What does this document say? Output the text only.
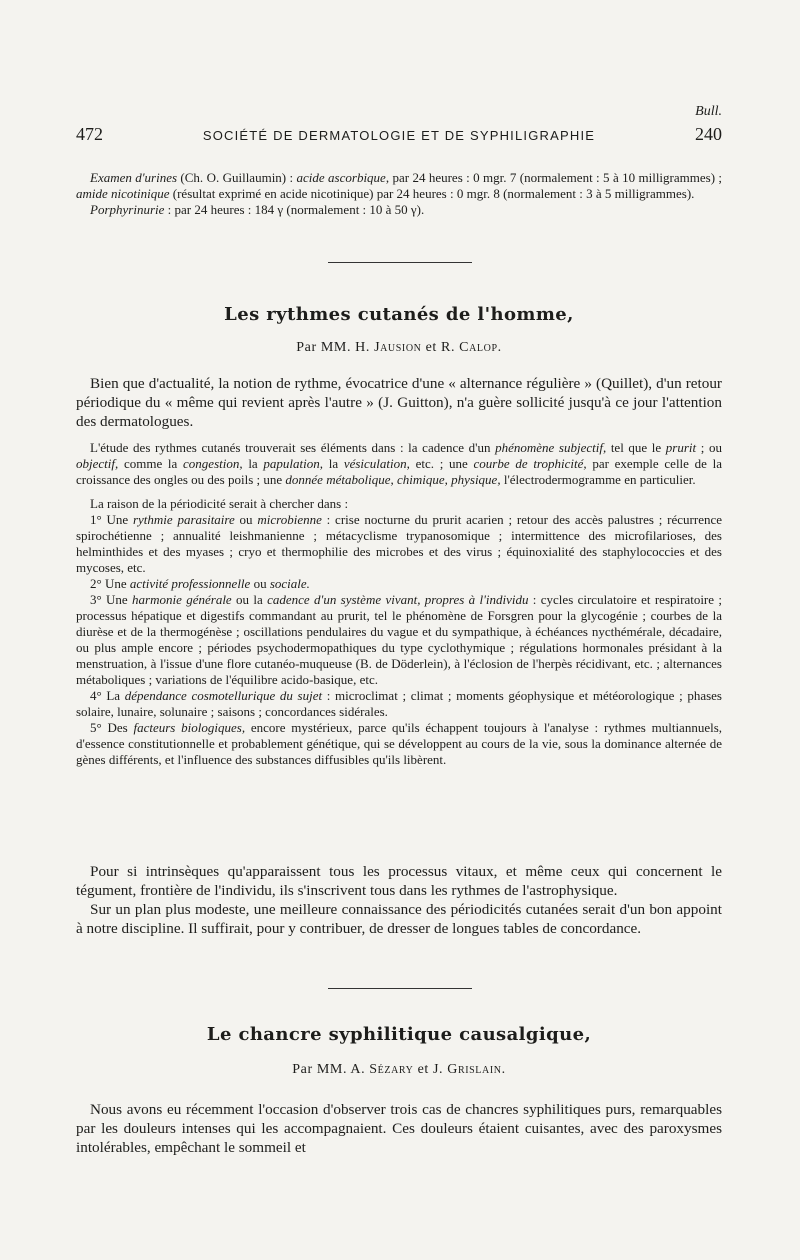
Bull.
472	SOCIÉTÉ DE DERMATOLOGIE ET DE SYPHILIGRAPHIE	240

Examen d'urines (Ch. O. Guillaumin) : acide ascorbique, par 24 heures : 0 mgr. 7 (normalement : 5 à 10 milligrammes) ; amide nicotinique (résultat exprimé en acide nicotinique) par 24 heures : 0 mgr. 8 (normalement : 3 à 5 milligrammes).

Porphyrinurie : par 24 heures : 184 γ (normalement : 10 à 50 γ).

Les rythmes cutanés de l'homme,
Par MM. H. Jausion et R. Calop.

Bien que d'actualité, la notion de rythme, évocatrice d'une « alternance régulière » (Quillet), d'un retour périodique du « même qui revient après l'autre » (J. Guitton), n'a guère sollicité jusqu'à ce jour l'attention des dermatologues.

L'étude des rythmes cutanés trouverait ses éléments dans : la cadence d'un phénomène subjectif, tel que le prurit ; ou objectif, comme la congestion, la papulation, la vésiculation, etc. ; une courbe de trophicité, par exemple celle de la croissance des ongles ou des poils ; une donnée métabolique, chimique, physique, l'électrodermogramme en particulier.

La raison de la périodicité serait à chercher dans :

1° Une rythmie parasitaire ou microbienne : crise nocturne du prurit acarien ; retour des accès palustres ; récurrence spirochétienne ; annualité leishmanienne ; métacyclisme trypanosomique ; intermittence des microfilarioses, des helminthides et des myases ; cryo et thermophilie des microbes et des virus ; équinoxialité des staphylococcies et des mycoses, etc.

2° Une activité professionnelle ou sociale.

3° Une harmonie générale ou la cadence d'un système vivant, propres à l'individu : cycles circulatoire et respiratoire ; processus hépatique et digestifs commandant au prurit, tel le phénomène de Forsgren pour la glycogénie ; courbes de la diurèse et de la thermogénèse ; oscillations pendulaires du vague et du sympathique, à échéances nycthémérale, décadaire, ou plus ample encore ; périodes psychodermopathiques du type cyclothymique ; régulations hormonales présidant à la menstruation, à l'issue d'une flore cutanéo-muqueuse (B. de Döderlein), à l'éclosion de l'herpès récidivant, etc. ; alternances métaboliques ; variations de l'équilibre acido-basique, etc.

4° La dépendance cosmotellurique du sujet : microclimat ; climat ; moments géophysique et météorologique ; phases solaire, lunaire, solunaire ; saisons ; concordances sidérales.

5° Des facteurs biologiques, encore mystérieux, parce qu'ils échappent toujours à l'analyse : rythmes multiannuels, d'essence constitutionnelle et probablement génétique, qui se développent au cours de la vie, sous la dominance alternée de gènes différents, et l'influence des substances diffusibles qu'ils libèrent.

Pour si intrinsèques qu'apparaissent tous les processus vitaux, et même ceux qui concernent le tégument, frontière de l'individu, ils s'inscrivent tous dans les rythmes de l'astrophysique.

Sur un plan plus modeste, une meilleure connaissance des périodicités cutanées serait d'un bon appoint à notre discipline. Il suffirait, pour y contribuer, de dresser de longues tables de concordance.

Le chancre syphilitique causalgique,
Par MM. A. Sézary et J. Grislain.

Nous avons eu récemment l'occasion d'observer trois cas de chancres syphilitiques purs, remarquables par les douleurs intenses qui les accompagnaient. Ces douleurs étaient cuisantes, avec des paroxysmes intolérables, empêchant le sommeil et
